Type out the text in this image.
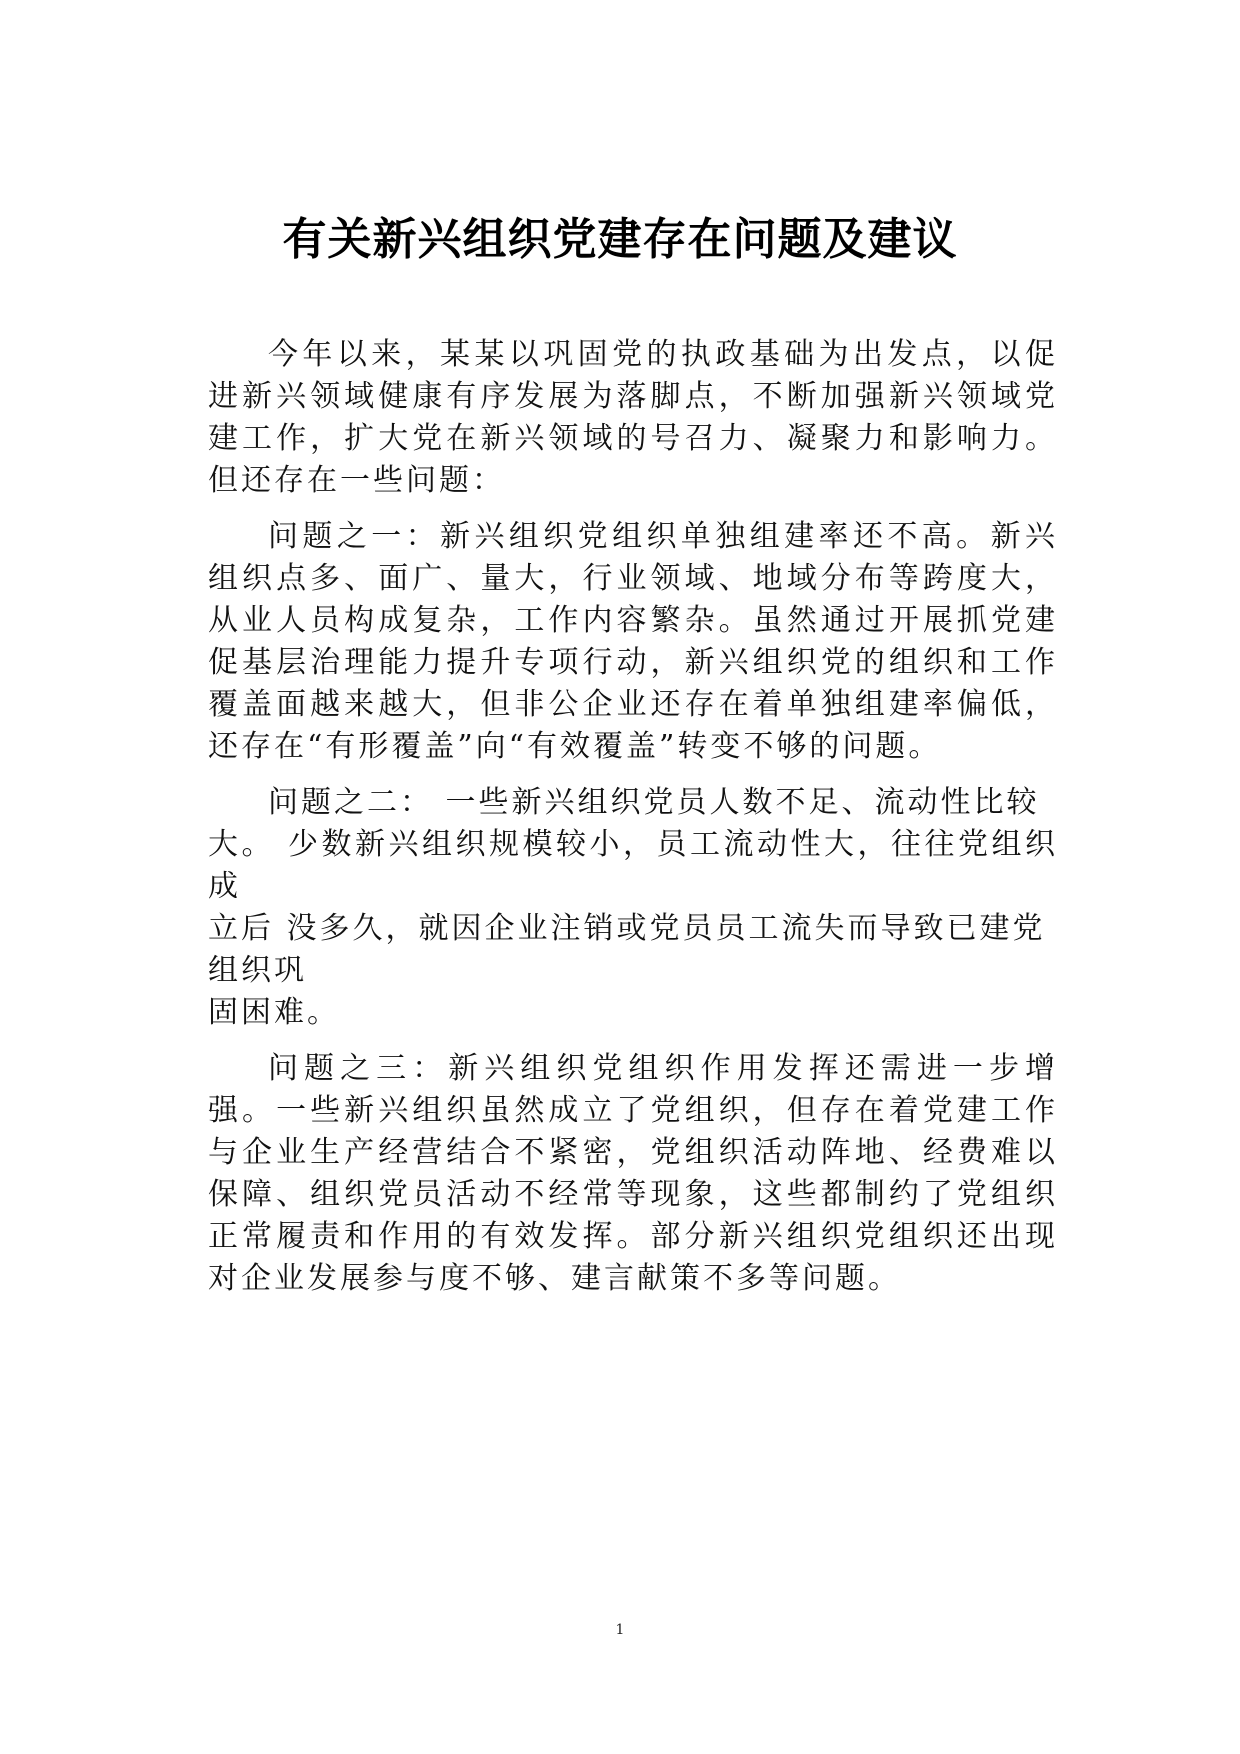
有关新兴组织党建存在问题及建议

今年以来，某某以巩固党的执政基础为出发点，以促进新兴领域健康有序发展为落脚点，不断加强新兴领域党建工作，扩大党在新兴领域的号召力、凝聚力和影响力。但还存在一些问题：

问题之一：新兴组织党组织单独组建率还不高。新兴组织点多、面广、量大，行业领域、地域分布等跨度大，从业人员构成复杂，工作内容繁杂。虽然通过开展抓党建促基层治理能力提升专项行动，新兴组织党的组织和工作覆盖面越来越大，但非公企业还存在着单独组建率偏低，还存在“有形覆盖”向“有效覆盖”转变不够的问题。

问题之二： 一些新兴组织党员人数不足、流动性比较
大。 少数新兴组织规模较小，员工流动性大，往往党组织成
立后 没多久，就因企业注销或党员员工流失而导致已建党
组织巩
固困难。

问题之三：新兴组织党组织作用发挥还需进一步增强。一些新兴组织虽然成立了党组织，但存在着党建工作与企业生产经营结合不紧密，党组织活动阵地、经费难以保障、组织党员活动不经常等现象，这些都制约了党组织正常履责和作用的有效发挥。部分新兴组织党组织还出现对企业发展参与度不够、建言献策不多等问题。

1
